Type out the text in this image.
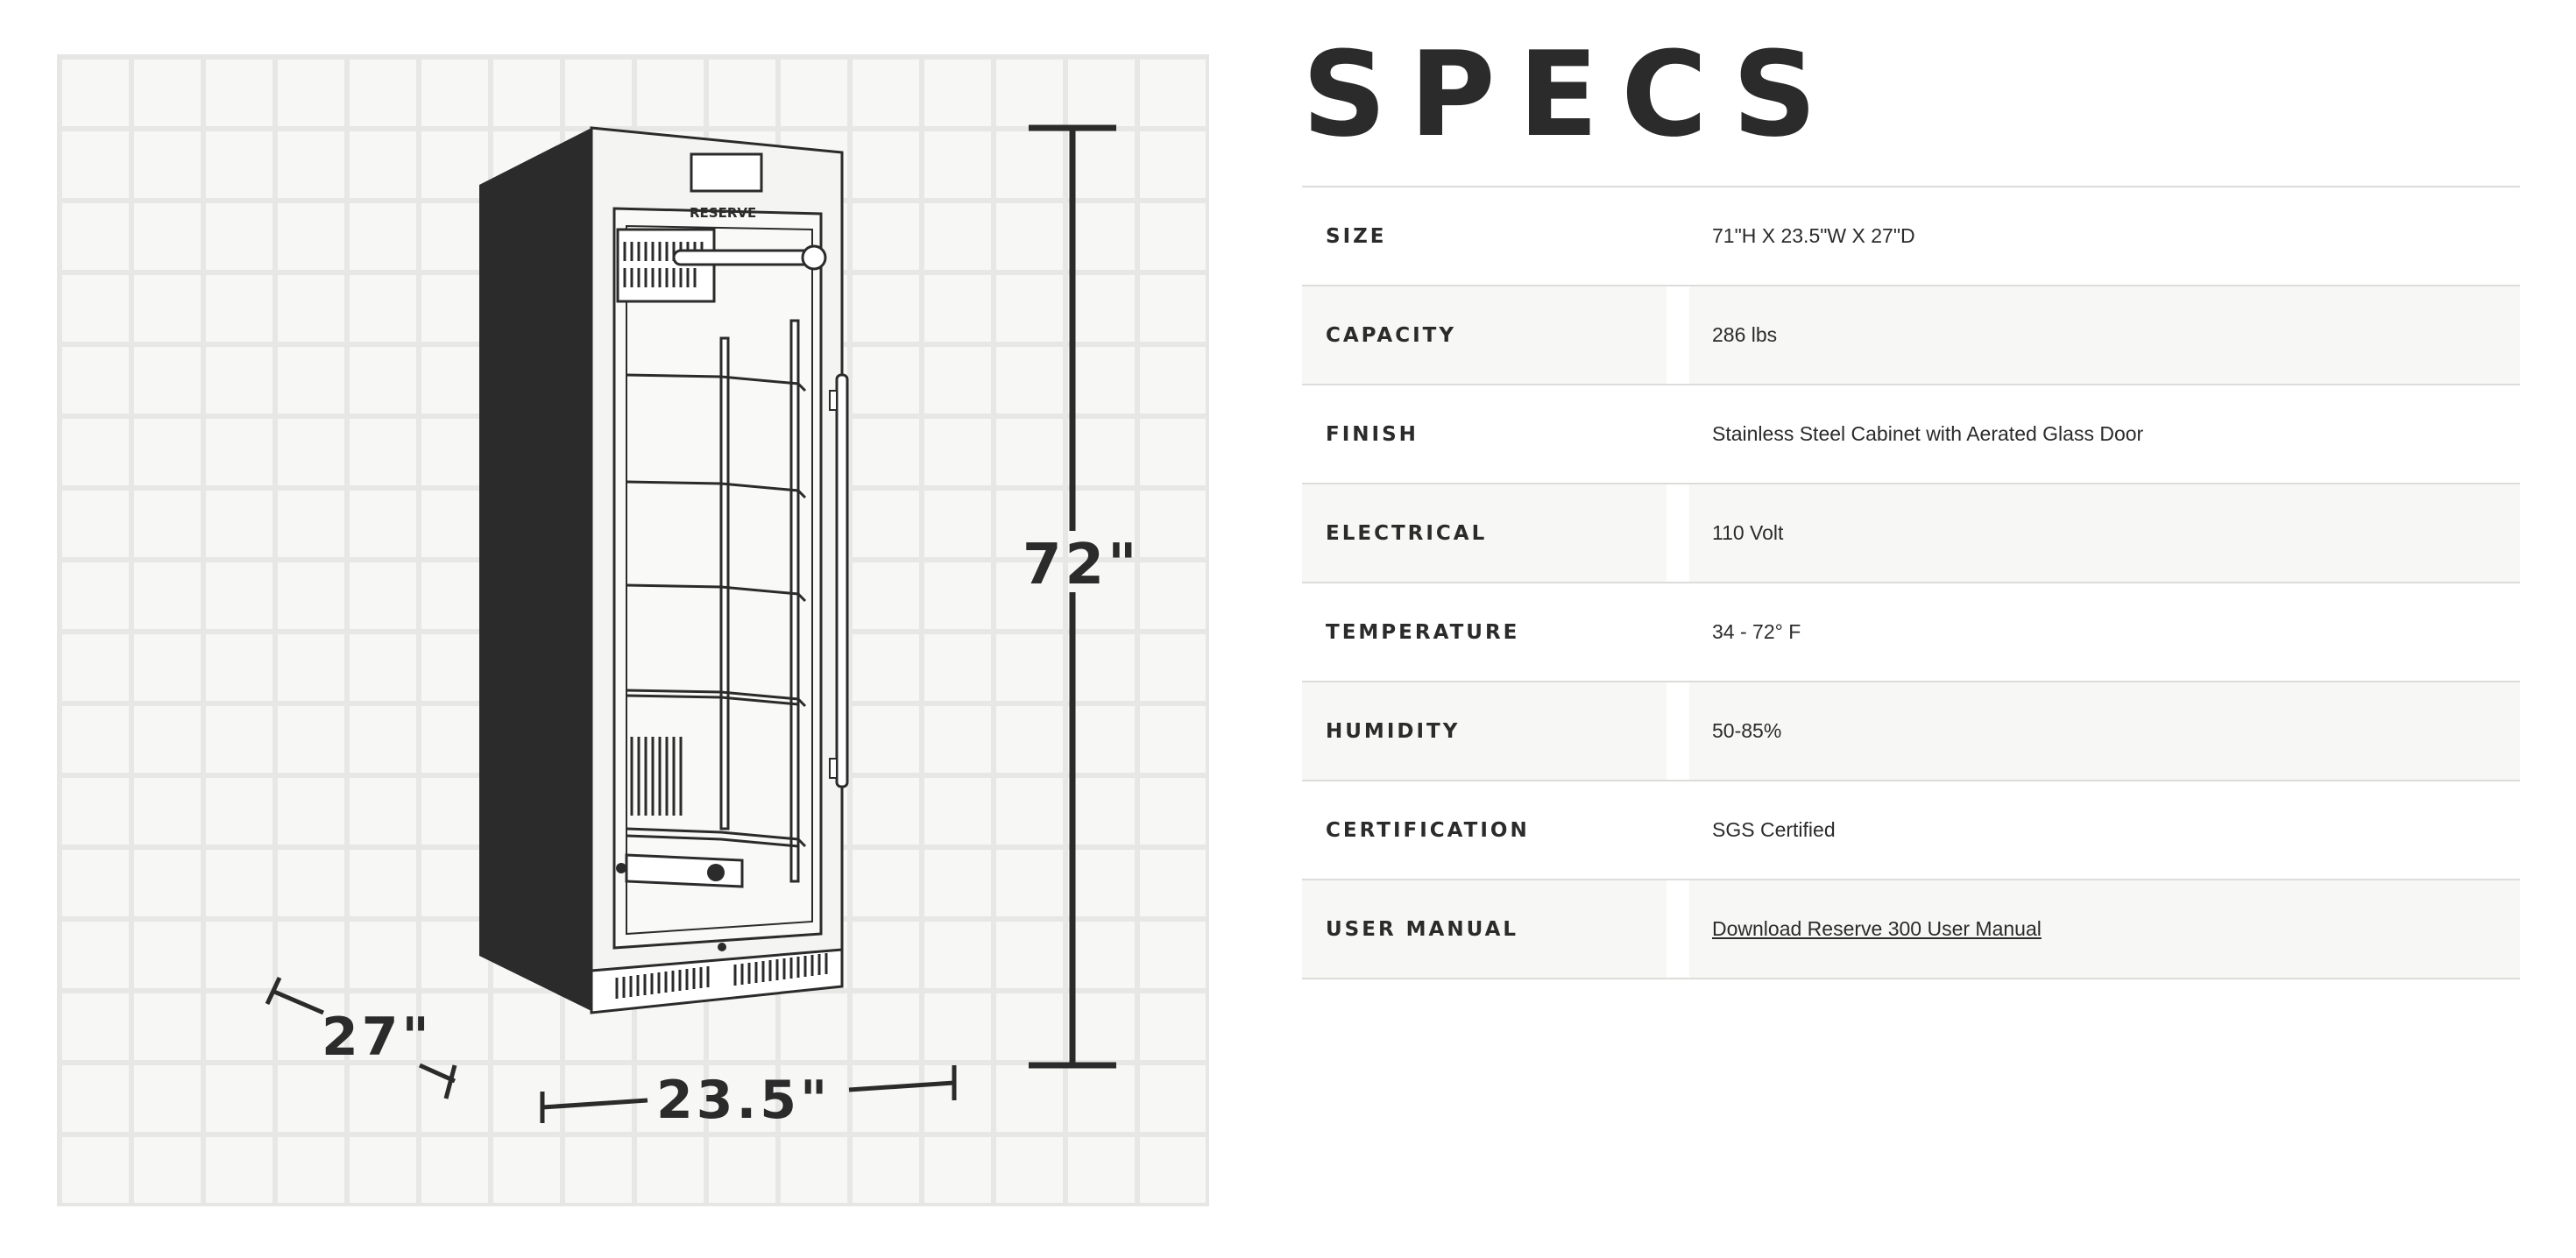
RESERVE
72"
23.5"
27"
SPECS
SIZE	71"H X 23.5"W X 27"D
CAPACITY	286 lbs
FINISH	Stainless Steel Cabinet with Aerated Glass Door
ELECTRICAL	110 Volt
TEMPERATURE	34 - 72° F
HUMIDITY	50-85%
CERTIFICATION	SGS Certified
USER MANUAL	Download Reserve 300 User Manual
